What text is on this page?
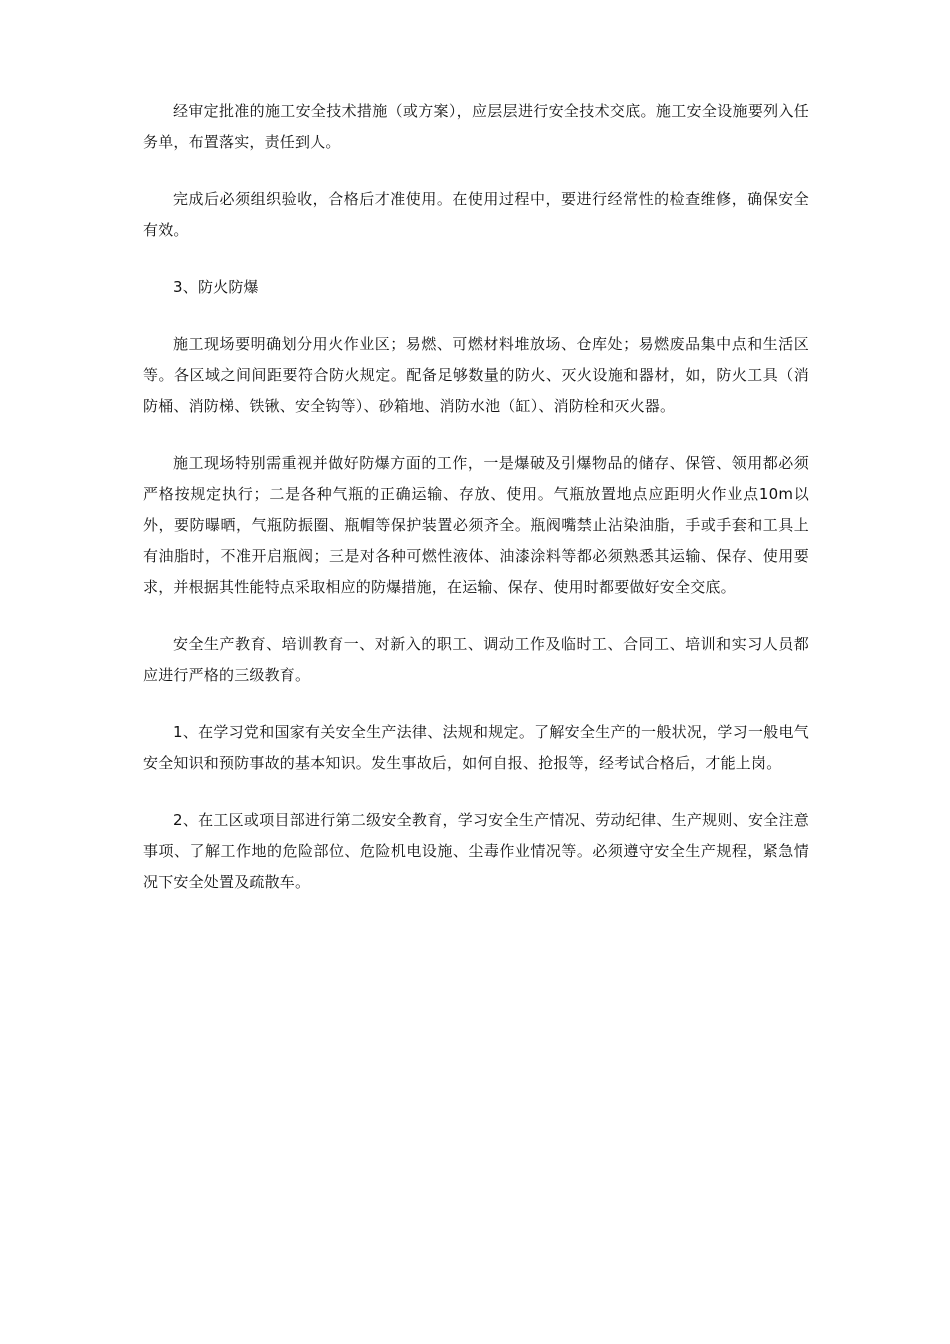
经审定批准的施工安全技术措施（或方案），应层层进行安全技术交底。施工安全设施要列入任务单，布置落实，责任到人。

完成后必须组织验收，合格后才准使用。在使用过程中，要进行经常性的检查维修，确保安全有效。

3、防火防爆

施工现场要明确划分用火作业区；易燃、可燃材料堆放场、仓库处；易燃废品集中点和生活区等。各区域之间间距要符合防火规定。配备足够数量的防火、灭火设施和器材，如，防火工具（消防桶、消防梯、铁锹、安全钩等）、砂箱地、消防水池（缸）、消防栓和灭火器。

施工现场特别需重视并做好防爆方面的工作，一是爆破及引爆物品的储存、保管、领用都必须严格按规定执行；二是各种气瓶的正确运输、存放、使用。气瓶放置地点应距明火作业点10m以外，要防曝晒，气瓶防振圈、瓶帽等保护装置必须齐全。瓶阀嘴禁止沾染油脂，手或手套和工具上有油脂时，不准开启瓶阀；三是对各种可燃性液体、油漆涂料等都必须熟悉其运输、保存、使用要求，并根据其性能特点采取相应的防爆措施，在运输、保存、使用时都要做好安全交底。

安全生产教育、培训教育一、对新入的职工、调动工作及临时工、合同工、培训和实习人员都应进行严格的三级教育。

1、在学习党和国家有关安全生产法律、法规和规定。了解安全生产的一般状况，学习一般电气安全知识和预防事故的基本知识。发生事故后，如何自报、抢报等，经考试合格后，才能上岗。

2、在工区或项目部进行第二级安全教育，学习安全生产情况、劳动纪律、生产规则、安全注意事项、了解工作地的危险部位、危险机电设施、尘毒作业情况等。必须遵守安全生产规程，紧急情况下安全处置及疏散车。
